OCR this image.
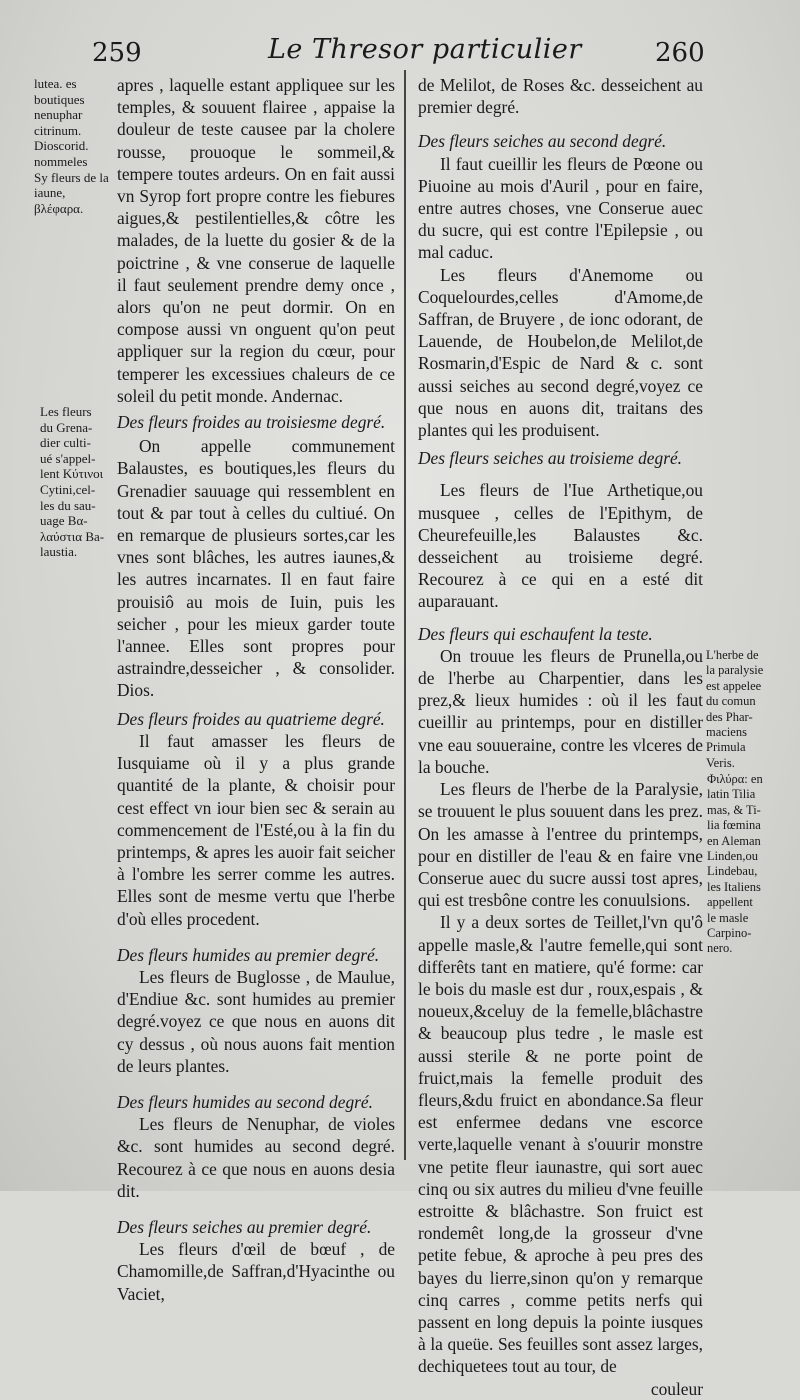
259	Le Thresor particulier	260
lutea. es
boutiques
nenuphar
citrinum.
Dioscorid.
nommeles
Sy fleurs de la
iaune,
βλέφαρα.
Les fleurs
du Grena-
dier culti-
ué s'appel-
lent Κύτινοι
Cytini,cel-
les du sau-
uage Βα-
λαύστια Ba-
laustia.

apres , laquelle estant appliquee sur les temples, & souuent flairee , appaise la douleur de teste causee par la cholere rousse, prouoque le sommeil,& tempere toutes ardeurs. On en fait aussi vn Syrop fort propre contre les fiebures aigues,& pestilentielles,& côtre les malades, de la luette du gosier & de la poictrine , & vne conserue de laquelle il faut seulement prendre demy once , alors qu'on ne peut dormir. On en compose aussi vn onguent qu'on peut appliquer sur la region du cœur, pour temperer les excessiues chaleurs de ce soleil du petit monde. Andernac.

Des fleurs froides au troisiesme degré.

On appelle communement Balaustes, es boutiques,les fleurs du Grenadier sauuage qui ressemblent en tout & par tout à celles du cultiué. On en remarque de plusieurs sortes,car les vnes sont blâches, les autres iaunes,& les autres incarnates. Il en faut faire prouisiô au mois de Iuin, puis les seicher , pour les mieux garder toute l'annee. Elles sont propres pour astraindre,desseicher , & consolider. Dios.

Des fleurs froides au quatrieme degré.

Il faut amasser les fleurs de Iusquiame où il y a plus grande quantité de la plante, & choisir pour cest effect vn iour bien sec & serain au commencement de l'Esté,ou à la fin du printemps, & apres les auoir fait seicher à l'ombre les serrer comme les autres. Elles sont de mesme vertu que l'herbe d'où elles procedent.

Des fleurs humides au premier degré.

Les fleurs de Buglosse , de Maulue, d'Endiue &c. sont humides au premier degré.voyez ce que nous en auons dit cy dessus , où nous auons fait mention de leurs plantes.

Des fleurs humides au second degré.

Les fleurs de Nenuphar, de violes &c. sont humides au second degré. Recourez à ce que nous en auons desia dit.

Des fleurs seiches au premier degré.

Les fleurs d'œil de bœuf , de Chamomille,de Saffran,d'Hyacinthe ou Vaciet,

de Melilot, de Roses &c. desseichent au premier degré.

Des fleurs seiches au second degré.

Il faut cueillir les fleurs de Pœone ou Piuoine au mois d'Auril , pour en faire, entre autres choses, vne Conserue auec du sucre, qui est contre l'Epilepsie , ou mal caduc.

Les fleurs d'Anemome ou Coquelourdes,celles d'Amome,de Saffran, de Bruyere , de ionc odorant, de Lauende, de Houbelon,de Melilot,de Rosmarin,d'Espic de Nard & c. sont aussi seiches au second degré,voyez ce que nous en auons dit, traitans des plantes qui les produisent.

Des fleurs seiches au troisieme degré.

Les fleurs de l'Iue Arthetique,ou musquee , celles de l'Epithym, de Cheurefeuille,les Balaustes &c. desseichent au troisieme degré. Recourez à ce qui en a esté dit auparauant.

Des fleurs qui eschaufent la teste.

On trouue les fleurs de Prunella,ou de l'herbe au Charpentier, dans les prez,& lieux humides : où il les faut cueillir au printemps, pour en distiller vne eau souueraine, contre les vlceres de la bouche.

Les fleurs de l'herbe de la Paralysie, se trouuent le plus souuent dans les prez. On les amasse à l'entree du printemps, pour en distiller de l'eau & en faire vne Conserue auec du sucre aussi tost apres, qui est tresbône contre les conuulsions.

Il y a deux sortes de Teillet,l'vn qu'ô appelle masle,& l'autre femelle,qui sont differêts tant en matiere, qu'é forme: car le bois du masle est dur , roux,espais , & noueux,&celuy de la femelle,blâchastre & beaucoup plus tedre , le masle est aussi sterile & ne porte point de fruict,mais la femelle produit des fleurs,&du fruict en abondance.Sa fleur est enfermee dedans vne escorce verte,laquelle venant à s'ouurir monstre vne petite fleur iaunastre, qui sort auec cinq ou six autres du milieu d'vne feuille estroitte & blâchastre. Son fruict est rondemêt long,de la grosseur d'vne petite febue, & aproche à peu pres des bayes du lierre,sinon qu'on y remarque cinq carres , comme petits nerfs qui passent en long depuis la pointe iusques à la queüe. Ses feuilles sont assez larges, dechiquetees tout au tour, de

couleur

L'herbe de
la paralysie
est appelee
du comun
des Phar-
maciens
Primula
Veris.
Φιλύρα: en
latin Tilia
mas, & Ti-
lia fœmina
en Aleman
Linden,ou
Lindebau,
les Italiens
appellent
le masle
Carpino-
nero.
